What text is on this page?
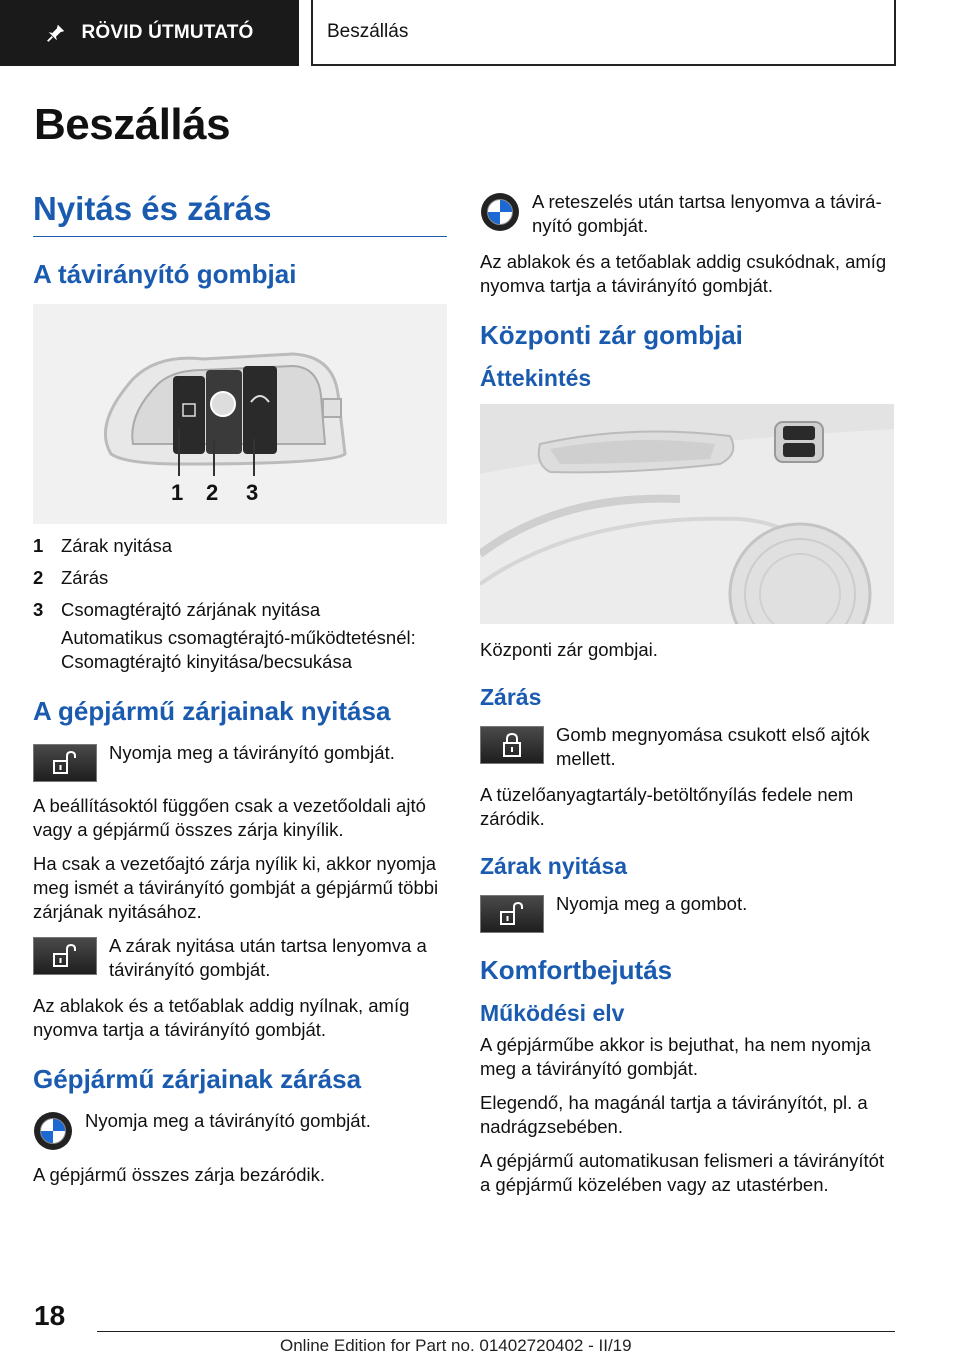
RÖVID ÚTMUTATÓ	Beszállás
Beszállás
Nyitás és zárás
A távirányító gombjai
1 2 3
1 Zárak nyitása
2 Zárás
3 Csomagtérajtó zárjának nyitása
Automatikus csomagtérajtó-működtetésnél: Csomagtérajtó kinyitása/becsukása
A gépjármű zárjainak nyitása
Nyomja meg a távirányító gombját.

A beállításoktól függően csak a vezetőoldali ajtó vagy a gépjármű összes zárja kinyílik.

Ha csak a vezetőajtó zárja nyílik ki, akkor nyomja meg ismét a távirányító gombját a gépjármű többi zárjának nyitásához.

A zárak nyitása után tartsa lenyomva a távirányító gombját.

Az ablakok és a tetőablak addig nyílnak, amíg nyomva tartja a távirányító gombját.

Gépjármű zárjainak zárása
Nyomja meg a távirányító gombját.

A gépjármű összes zárja bezáródik.

A reteszelés után tartsa lenyomva a távirányító gombját.

Az ablakok és a tetőablak addig csukódnak, amíg nyomva tartja a távirányító gombját.

Központi zár gombjai
Áttekintés

Központi zár gombjai.

Zárás
Gomb megnyomása csukott első ajtók mellett.

A tüzelőanyagtartály-betöltőnyílás fedele nem záródik.

Zárak nyitása
Nyomja meg a gombot.
Komfortbejutás
Működési elv

A gépjárműbe akkor is bejuthat, ha nem nyomja meg a távirányító gombját.

Elegendő, ha magánál tartja a távirányítót, pl. a nadrágzsebében.

A gépjármű automatikusan felismeri a távirányítót a gépjármű közelében vagy az utastérben.

18
Online Edition for Part no. 01402720402 - II/19
